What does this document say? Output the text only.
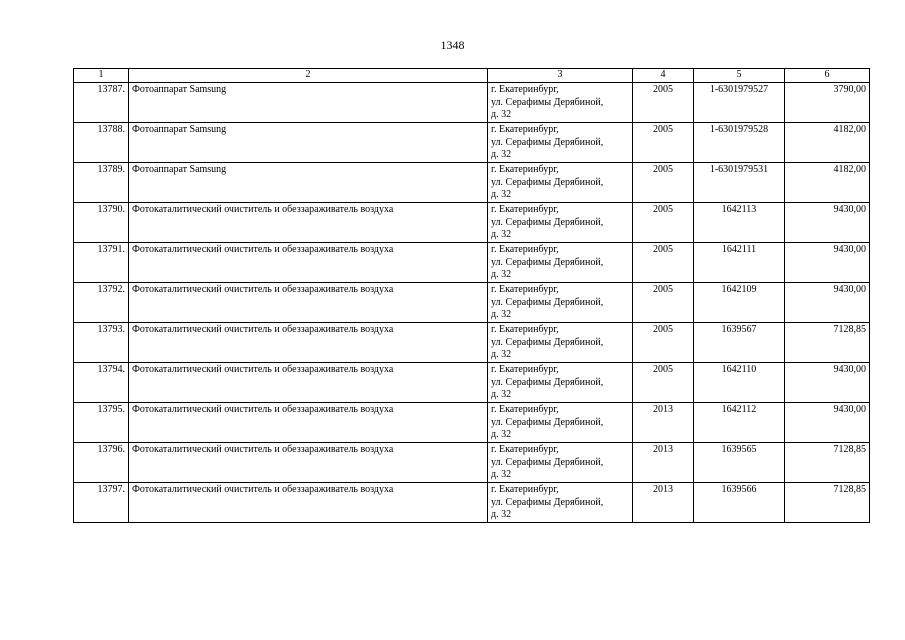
1348
1	2	3	4	5	6
13787.	Фотоаппарат Samsung	г. Екатеринбург,
ул. Серафимы Дерябиной,
д. 32	2005	1-6301979527	3790,00
13788.	Фотоаппарат Samsung	г. Екатеринбург,
ул. Серафимы Дерябиной,
д. 32	2005	1-6301979528	4182,00
13789.	Фотоаппарат Samsung	г. Екатеринбург,
ул. Серафимы Дерябиной,
д. 32	2005	1-6301979531	4182,00
13790.	Фотокаталитический очиститель и обеззараживатель воздуха	г. Екатеринбург,
ул. Серафимы Дерябиной,
д. 32	2005	1642113	9430,00
13791.	Фотокаталитический очиститель и обеззараживатель воздуха	г. Екатеринбург,
ул. Серафимы Дерябиной,
д. 32	2005	1642111	9430,00
13792.	Фотокаталитический очиститель и обеззараживатель воздуха	г. Екатеринбург,
ул. Серафимы Дерябиной,
д. 32	2005	1642109	9430,00
13793.	Фотокаталитический очиститель и обеззараживатель воздуха	г. Екатеринбург,
ул. Серафимы Дерябиной,
д. 32	2005	1639567	7128,85
13794.	Фотокаталитический очиститель и обеззараживатель воздуха	г. Екатеринбург,
ул. Серафимы Дерябиной,
д. 32	2005	1642110	9430,00
13795.	Фотокаталитический очиститель и обеззараживатель воздуха	г. Екатеринбург,
ул. Серафимы Дерябиной,
д. 32	2013	1642112	9430,00
13796.	Фотокаталитический очиститель и обеззараживатель воздуха	г. Екатеринбург,
ул. Серафимы Дерябиной,
д. 32	2013	1639565	7128,85
13797.	Фотокаталитический очиститель и обеззараживатель воздуха	г. Екатеринбург,
ул. Серафимы Дерябиной,
д. 32	2013	1639566	7128,85
